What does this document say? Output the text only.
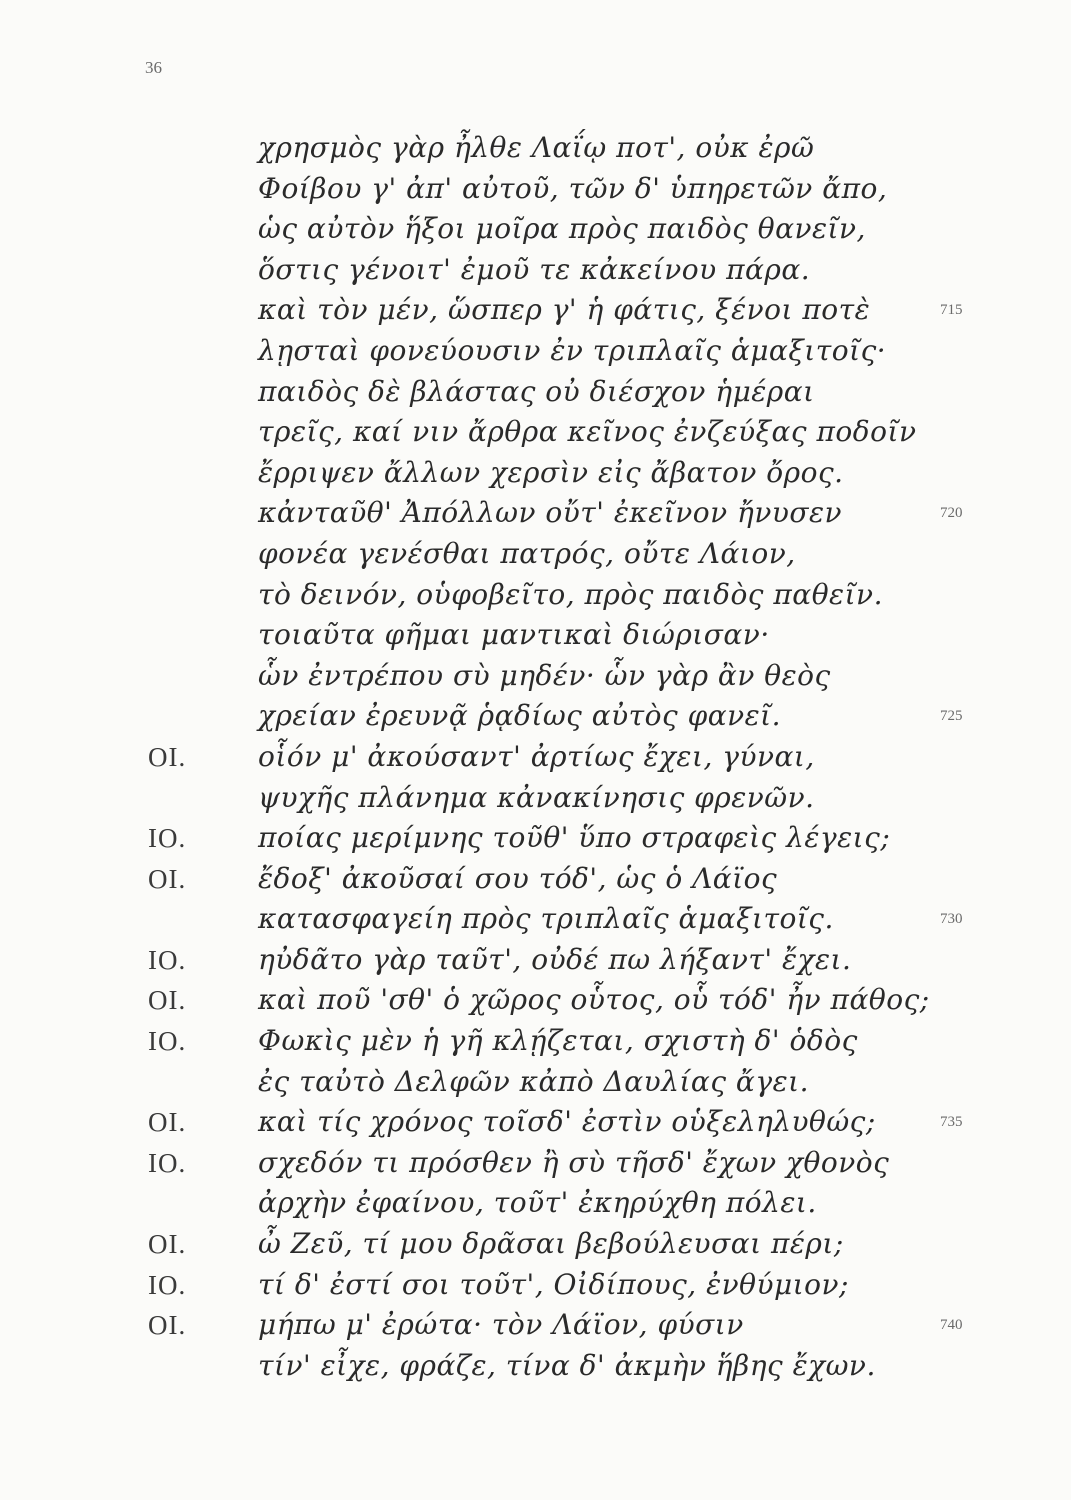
36
χρησμὸς γὰρ ἦλθε Λαΐῳ ποτ', οὐκ ἐρῶ
Φοίβου γ' ἀπ' αὐτοῦ, τῶν δ' ὑπηρετῶν ἄπο,
ὡς αὐτὸν ἥξοι μοῖρα πρὸς παιδὸς θανεῖν,
ὅστις γένοιτ' ἐμοῦ τε κἀκείνου πάρα.
καὶ τὸν μέν, ὥσπερ γ' ἡ φάτις, ξένοι ποτὲ	715
λῃσταὶ φονεύουσιν ἐν τριπλαῖς ἁμαξιτοῖς·
παιδὸς δὲ βλάστας οὐ διέσχον ἡμέραι
τρεῖς, καί νιν ἄρθρα κεῖνος ἐνζεύξας ποδοῖν
ἔρριψεν ἄλλων χερσὶν εἰς ἄβατον ὄρος.
κἀνταῦθ' Ἀπόλλων οὔτ' ἐκεῖνον ἤνυσεν	720
φονέα γενέσθαι πατρός, οὔτε Λάιον,
τὸ δεινόν, οὑφοβεῖτο, πρὸς παιδὸς παθεῖν.
τοιαῦτα φῆμαι μαντικαὶ διώρισαν·
ὧν ἐντρέπου σὺ μηδέν· ὧν γὰρ ἂν θεὸς
χρείαν ἐρευνᾷ ῥᾳδίως αὐτὸς φανεῖ.	725
ΟΙ.	οἷόν μ' ἀκούσαντ' ἀρτίως ἔχει, γύναι,
ψυχῆς πλάνημα κἀνακίνησις φρενῶν.
ΙΟ.	ποίας μερίμνης τοῦθ' ὕπο στραφεὶς λέγεις;
ΟΙ.	ἔδοξ' ἀκοῦσαί σου τόδ', ὡς ὁ Λάϊος
κατασφαγείη πρὸς τριπλαῖς ἁμαξιτοῖς.	730
ΙΟ.	ηὐδᾶτο γὰρ ταῦτ', οὐδέ πω λήξαντ' ἔχει.
ΟΙ.	καὶ ποῦ 'σθ' ὁ χῶρος οὗτος, οὗ τόδ' ἦν πάθος;
ΙΟ.	Φωκὶς μὲν ἡ γῆ κλῄζεται, σχιστὴ δ' ὁδὸς
ἐς ταὐτὸ Δελφῶν κἀπὸ Δαυλίας ἄγει.
ΟΙ.	καὶ τίς χρόνος τοῖσδ' ἐστὶν οὑξεληλυθώς;	735
ΙΟ.	σχεδόν τι πρόσθεν ἢ σὺ τῆσδ' ἔχων χθονὸς
ἀρχὴν ἐφαίνου, τοῦτ' ἐκηρύχθη πόλει.
ΟΙ.	ὦ Ζεῦ, τί μου δρᾶσαι βεβούλευσαι πέρι;
ΙΟ.	τί δ' ἐστί σοι τοῦτ', Οἰδίπους, ἐνθύμιον;
ΟΙ.	μήπω μ' ἐρώτα· τὸν Λάϊον, φύσιν	740
τίν' εἶχε, φράζε, τίνα δ' ἀκμὴν ἥβης ἔχων.
